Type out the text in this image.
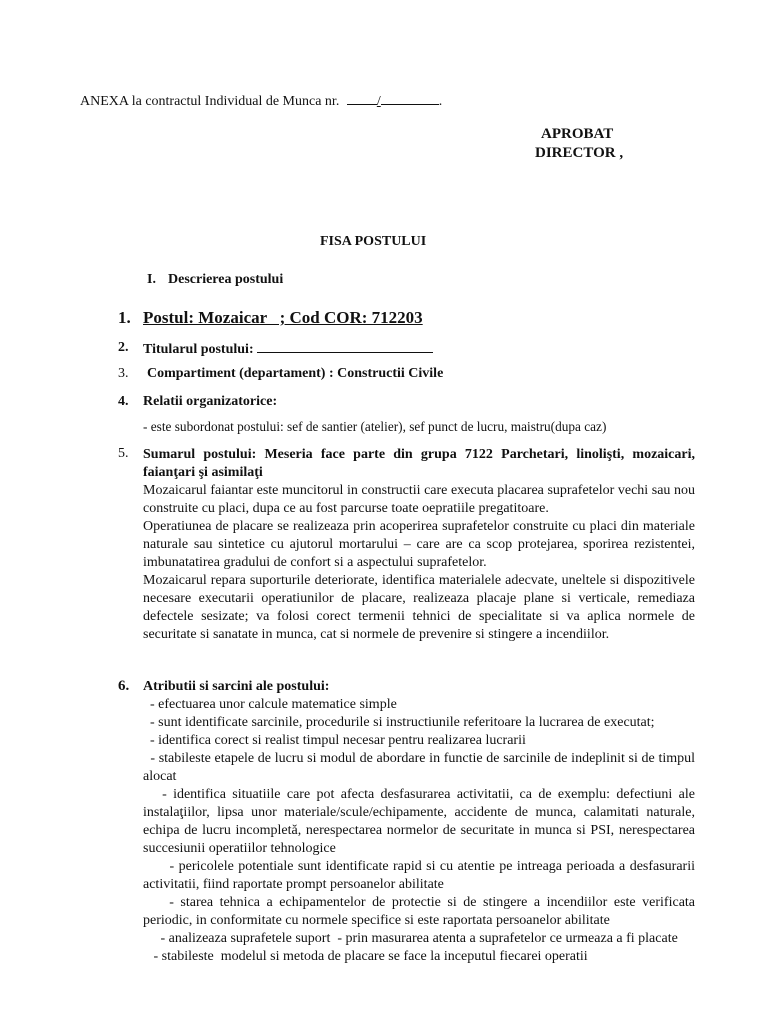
ANEXA la contractul Individual de Munca nr. /	.
APROBAT
DIRECTOR ,
FISA POSTULUI
I. Descrierea postului
1. Postul: Mozaicar   ; Cod COR: 712203
2. Titularul postului:
3. Compartiment (departament) : Constructii Civile
4. Relatii organizatorice:
- este subordonat postului: sef de santier (atelier), sef punct de lucru, maistru(dupa caz)
5. Sumarul postului: Meseria face parte din grupa 7122 Parchetari, linolişti, mozaicari, faianţari şi asimilaţi
Mozaicarul faiantar este muncitorul in constructii care executa placarea suprafetelor vechi sau nou construite cu placi, dupa ce au fost parcurse toate oepratiile pregatitoare.
Operatiunea de placare se realizeaza prin acoperirea suprafetelor construite cu placi din materiale naturale sau sintetice cu ajutorul mortarului – care are ca scop protejarea, sporirea rezistentei, imbunatatirea gradului de confort si a aspectului suprafetelor.
Mozaicarul repara suporturile deteriorate, identifica materialele adecvate, uneltele si dispozitivele necesare executarii operatiunilor de placare, realizeaza placaje plane si verticale, remediaza defectele sesizate; va folosi corect termenii tehnici de specialitate si va aplica normele de securitate si sanatate in munca, cat si normele de prevenire si stingere a incendiilor.
6. Atributii si sarcini ale postului:
- efectuarea unor calcule matematice simple
- sunt identificate sarcinile, procedurile si instructiunile referitoare la lucrarea de executat;
- identifica corect si realist timpul necesar pentru realizarea lucrarii
- stabileste etapele de lucru si modul de abordare in functie de sarcinile de indeplinit si de timpul alocat
- identifica situatiile care pot afecta desfasurarea activitatii, ca de exemplu: defectiuni ale instalaţiilor, lipsa unor materiale/scule/echipamente, accidente de munca, calamitati naturale, echipa de lucru incompletă, nerespectarea normelor de securitate in munca si PSI, nerespectarea succesiunii operatiilor tehnologice
- pericolele potentiale sunt identificate rapid si cu atentie pe intreaga perioada a desfasurarii activitatii, fiind raportate prompt persoanelor abilitate
- starea tehnica a echipamentelor de protectie si de stingere a incendiilor este verificata periodic, in conformitate cu normele specifice si este raportata persoanelor abilitate
- analizeaza suprafetele suport  - prin masurarea atenta a suprafetelor ce urmeaza a fi placate
- stabileste  modelul si metoda de placare se face la inceputul fiecarei operatii
